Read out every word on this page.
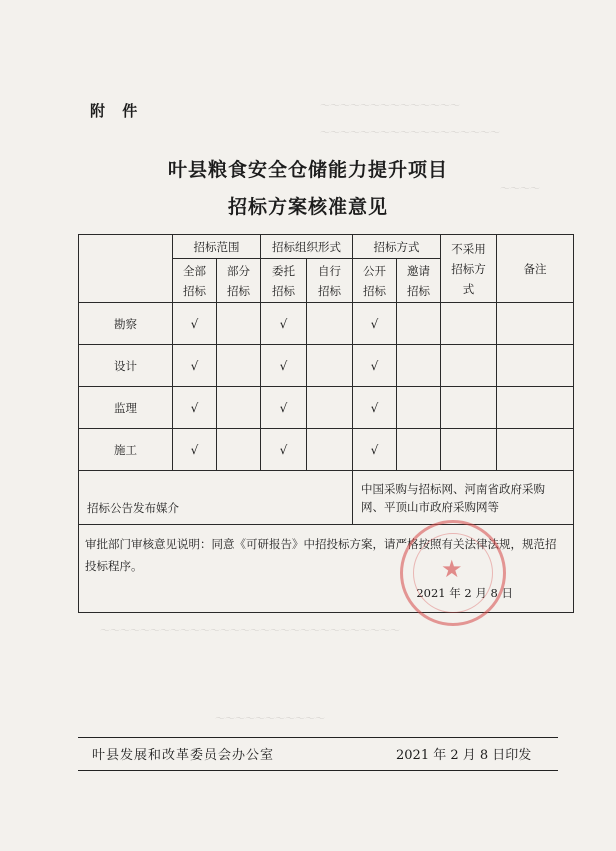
～～～～～～～～～～～～～～
～～～～～～～～～～～～～～～～～～
～～～～
～～～～～～～～～～～～～～～～～～～～～～～～～～～～～～
～～～～～～～～～～～
附 件
叶县粮食安全仓储能力提升项目
招标方案核准意见
	招标范围		招标组织形式		招标方式		不采用招标方式	备注
	全部招标	部分招标	委托招标	自行招标	公开招标	邀请招标		
勘察	√		√		√			
设计	√		√		√			
监理	√		√		√			
施工	√		√		√			
招标公告发布媒介					中国采购与招标网、河南省政府采购网、平顶山市政府采购网等			
审批部门审核意见说明：同意《可研报告》中招投标方案，请严格按照有关法律法规，规范招投标程序。
2021 年 2 月 8 日								
★
叶县发展和改革委员会办公室	2021 年 2 月 8 日印发
